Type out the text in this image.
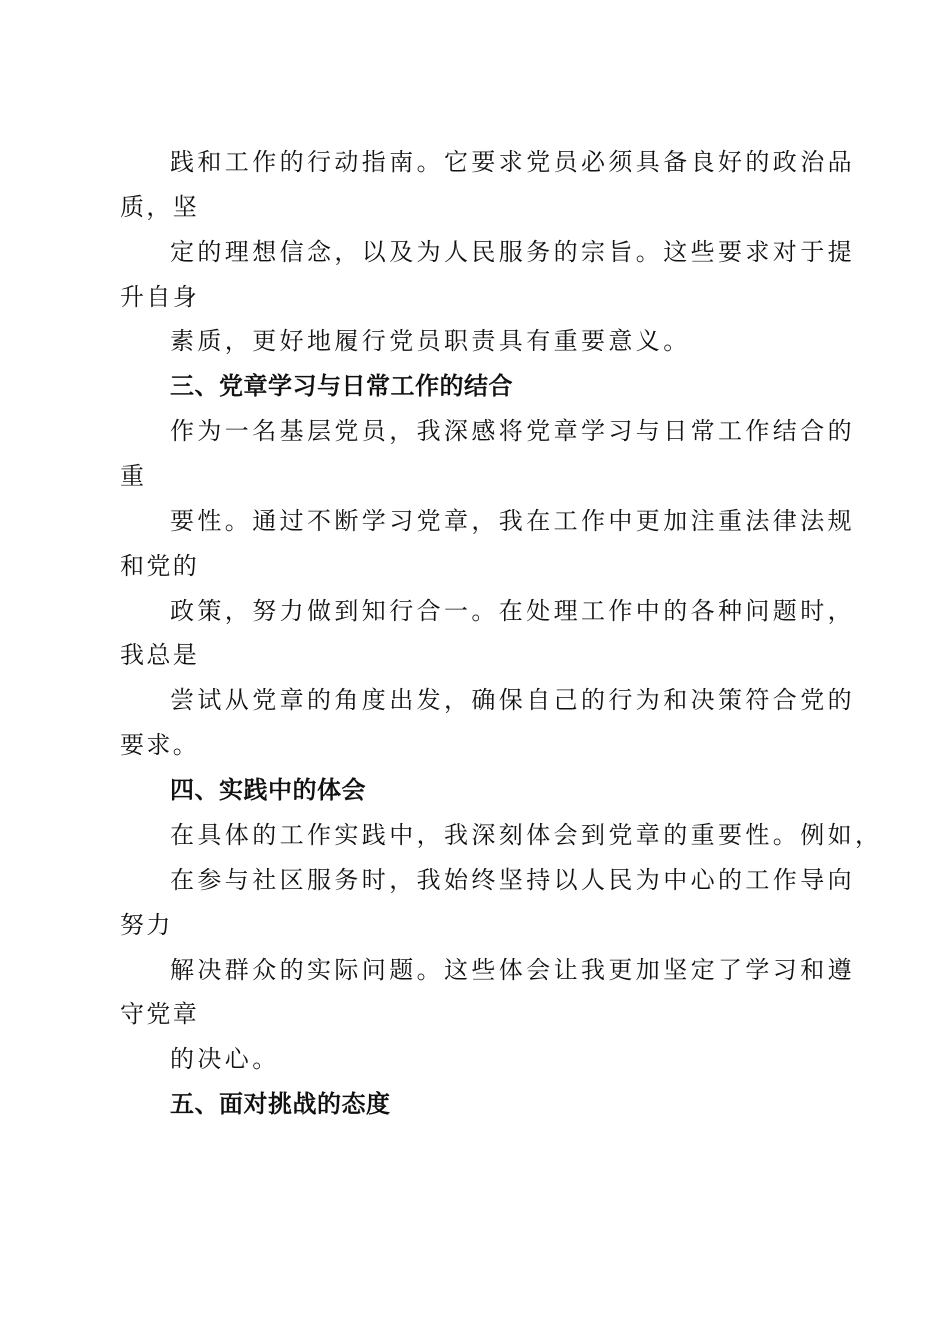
践和工作的行动指南。它要求党员必须具备良好的政治品
质，坚
定的理想信念，以及为人民服务的宗旨。这些要求对于提
升自身
素质，更好地履行党员职责具有重要意义。
三、党章学习与日常工作的结合
作为一名基层党员，我深感将党章学习与日常工作结合的
重
要性。通过不断学习党章，我在工作中更加注重法律法规
和党的
政策，努力做到知行合一。在处理工作中的各种问题时，
我总是
尝试从党章的角度出发，确保自己的行为和决策符合党的
要求。
四、实践中的体会
在具体的工作实践中，我深刻体会到党章的重要性。例如，
在参与社区服务时，我始终坚持以人民为中心的工作导向
努力
解决群众的实际问题。这些体会让我更加坚定了学习和遵
守党章
的决心。
五、面对挑战的态度
